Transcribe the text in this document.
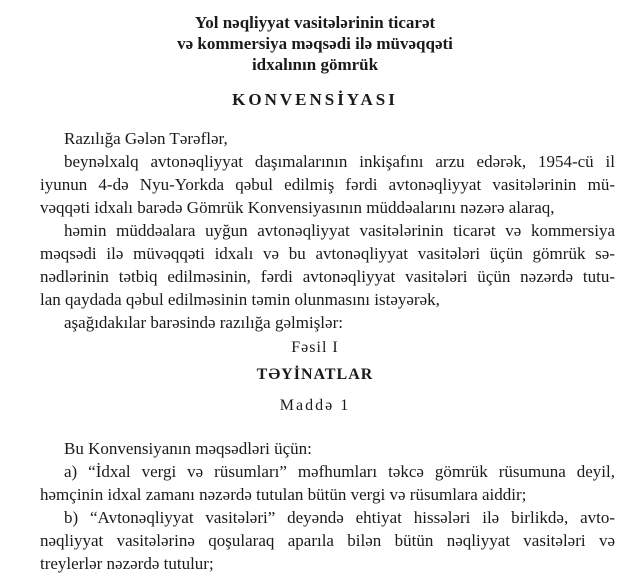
Yol nəqliyyat vasitələrinin ticarət
və kommersiya məqsədi ilə müvəqqəti
idxalının gömrük
KONVENSİYASI
Razılığa Gələn Tərəflər,
beynəlxalq avtonəqliyyat daşımalarının inkişafını arzu edərək, 1954-cü il
iyunun 4-də Nyu-Yorkda qəbul edilmiş fərdi avtonəqliyyat vasitələrinin mü-
vəqqəti idxalı barədə Gömrük Konvensiyasının müddəalarını nəzərə alaraq,
həmin müddəalara uyğun avtonəqliyyat vasitələrinin ticarət və kommersiya
məqsədi ilə müvəqqəti idxalı və bu avtonəqliyyat vasitələri üçün gömrük sə-
nədlərinin tətbiq edilməsinin, fərdi avtonəqliyyat vasitələri üçün nəzərdə tutu-
lan qaydada qəbul edilməsinin təmin olunmasını istəyərək,
aşağıdakılar barəsində razılığa gəlmişlər:
Fəsil I
TƏYİNATLAR
Maddə 1
Bu Konvensiyanın məqsədləri üçün:
a) “İdxal vergi və rüsumları” məfhumları təkcə gömrük rüsumuna deyil,
həmçinin idxal zamanı nəzərdə tutulan bütün vergi və rüsumlara aiddir;
b) “Avtonəqliyyat vasitələri” deyəndə ehtiyat hissələri ilə birlikdə, avto-
nəqliyyat vasitələrinə qoşularaq aparıla bilən bütün nəqliyyat vasitələri və
treylerlər nəzərdə tutulur;
